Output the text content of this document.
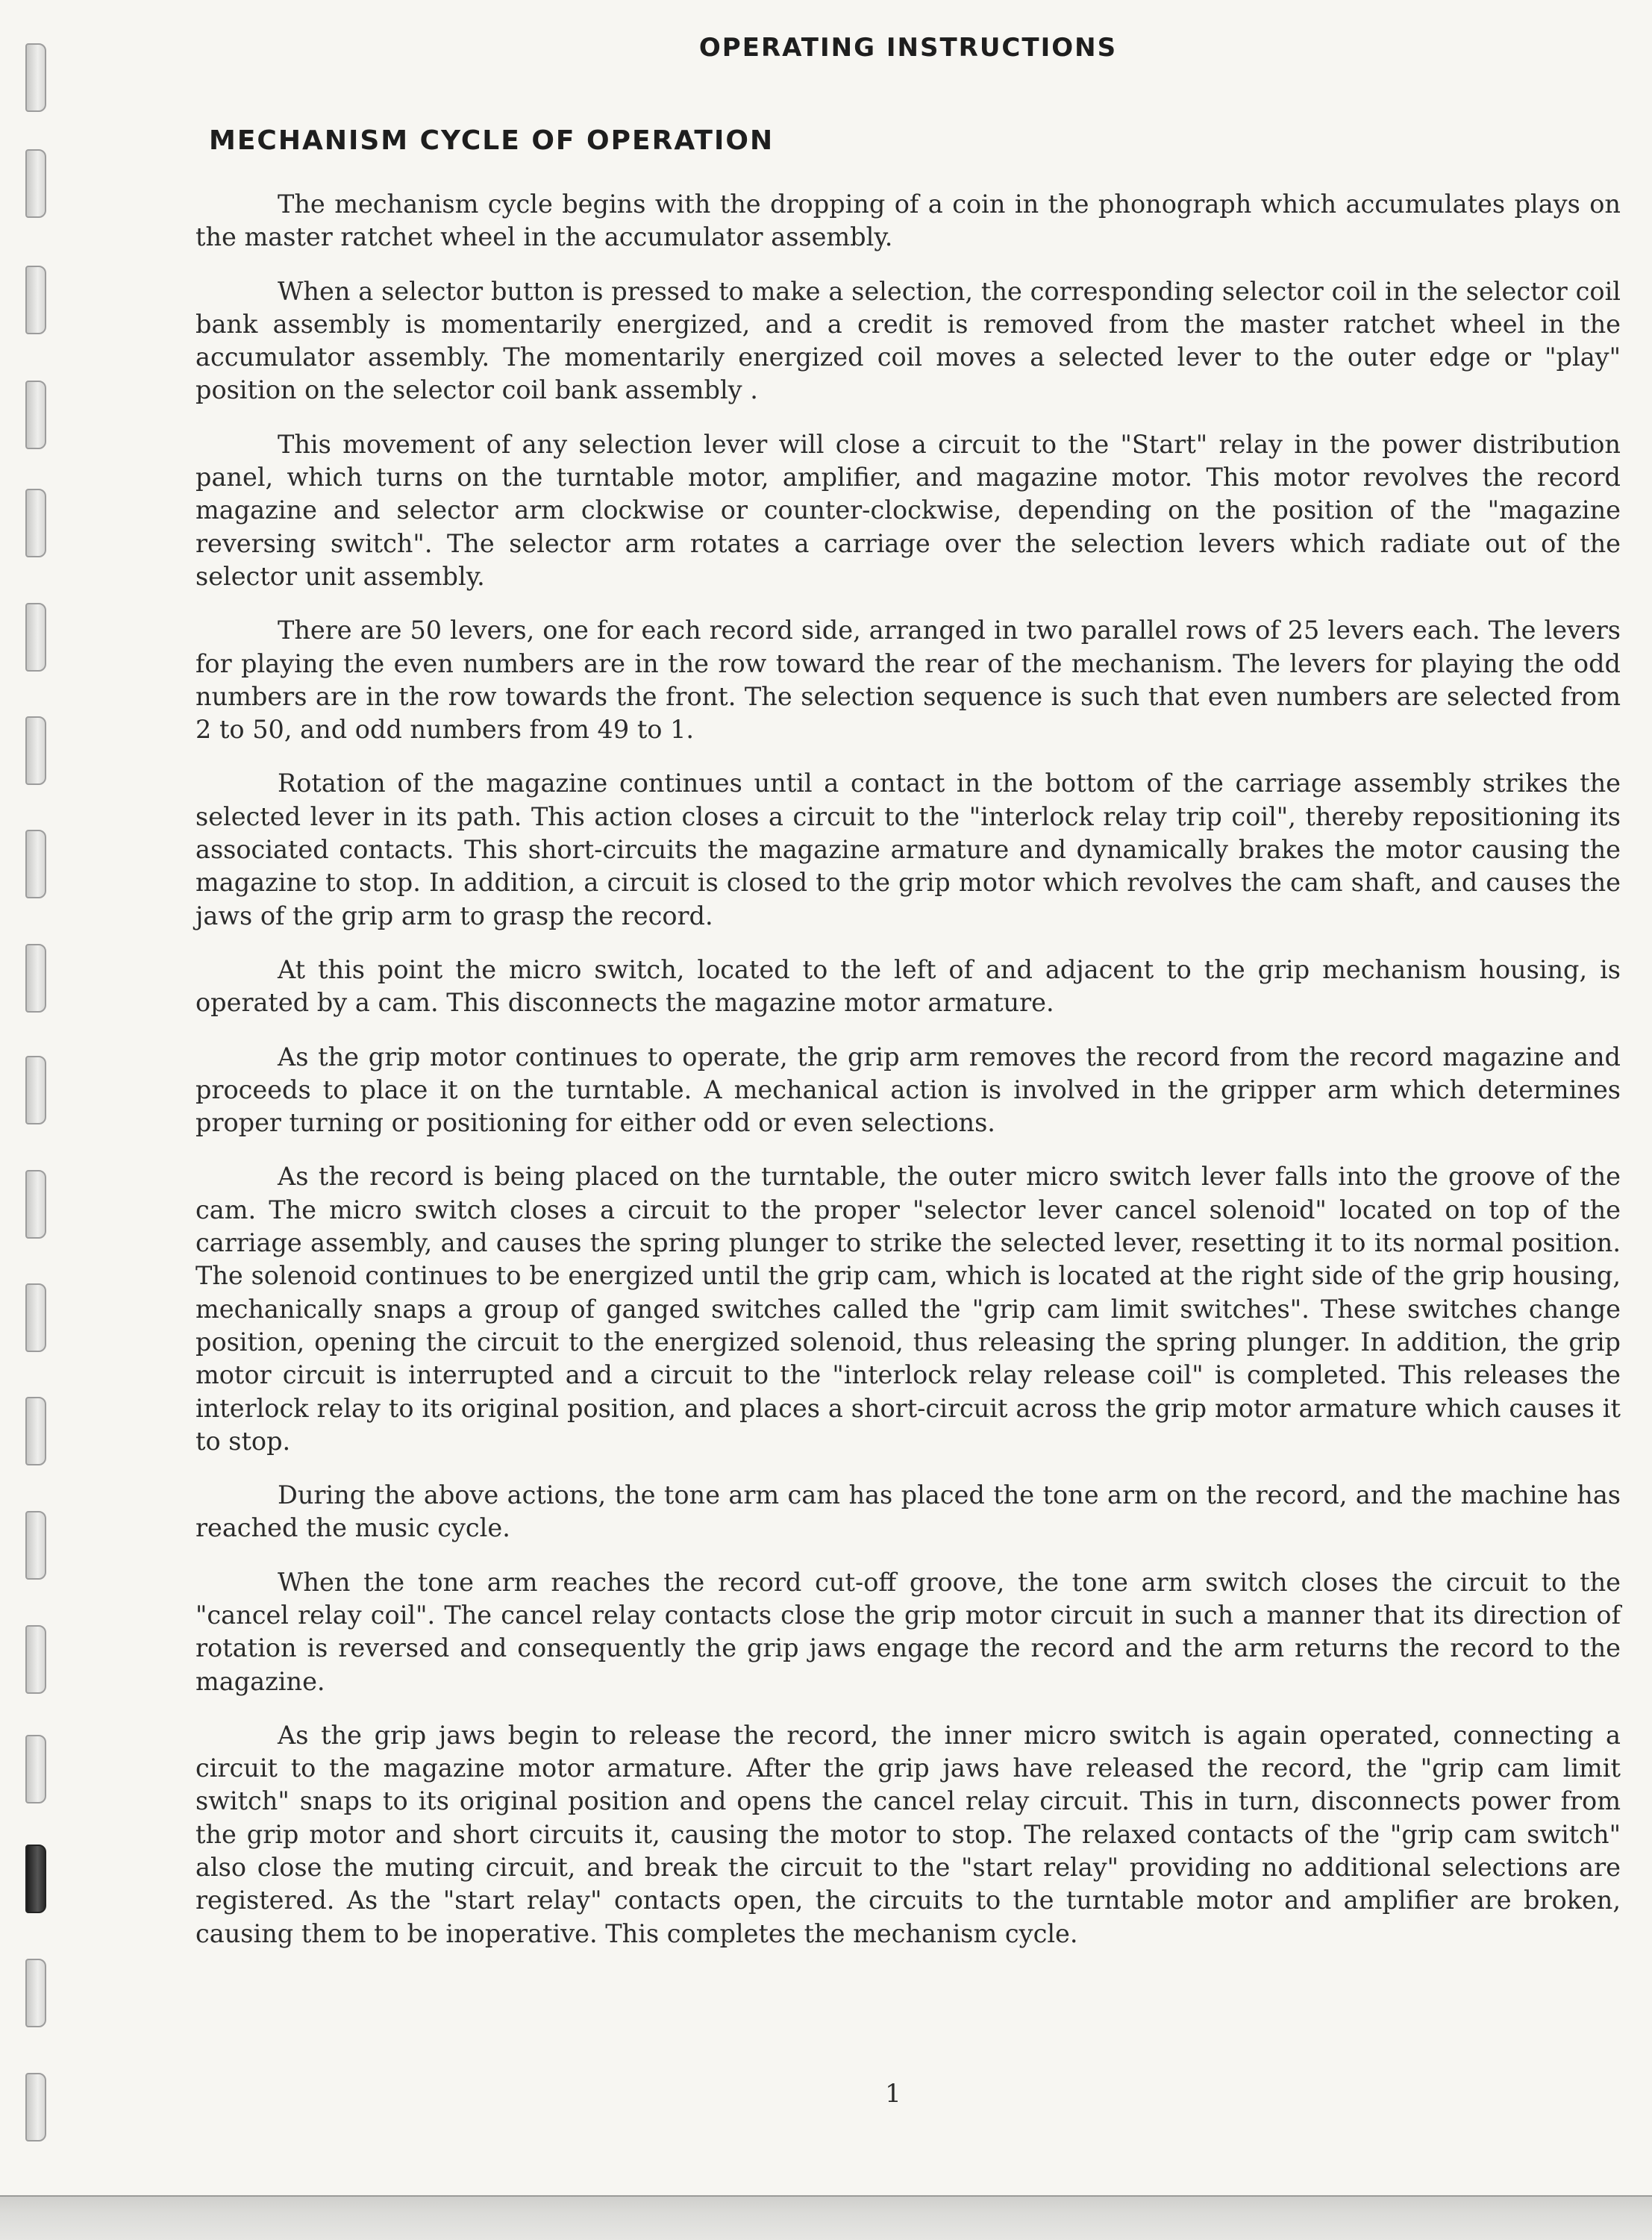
OPERATING INSTRUCTIONS
MECHANISM CYCLE OF OPERATION

The mechanism cycle begins with the dropping of a coin in the phonograph which accumulates plays on the master ratchet wheel in the accumulator assembly.

When a selector button is pressed to make a selection, the corresponding selector coil in the selector coil bank assembly is momentarily energized, and a credit is removed from the master ratchet wheel in the accumulator assembly. The momentarily energized coil moves a selected lever to the outer edge or "play" position on the selector coil bank assembly .

This movement of any selection lever will close a circuit to the "Start" relay in the power distribution panel, which turns on the turntable motor, amplifier, and magazine motor. This motor revolves the record magazine and selector arm clockwise or counter-clockwise, depending on the position of the "magazine reversing switch". The selector arm rotates a carriage over the selection levers which radiate out of the selector unit assembly.

There are 50 levers, one for each record side, arranged in two parallel rows of 25 levers each. The levers for playing the even numbers are in the row toward the rear of the mechanism. The levers for playing the odd numbers are in the row towards the front. The selection sequence is such that even numbers are selected from 2 to 50, and odd numbers from 49 to 1.

Rotation of the magazine continues until a contact in the bottom of the carriage assembly strikes the selected lever in its path. This action closes a circuit to the "interlock relay trip coil", thereby repositioning its associated contacts. This short-circuits the magazine armature and dynamically brakes the motor causing the magazine to stop. In addition, a circuit is closed to the grip motor which revolves the cam shaft, and causes the jaws of the grip arm to grasp the record.

At this point the micro switch, located to the left of and adjacent to the grip mechanism housing, is operated by a cam. This disconnects the magazine motor armature.

As the grip motor continues to operate, the grip arm removes the record from the record magazine and proceeds to place it on the turntable. A mechanical action is involved in the gripper arm which determines proper turning or positioning for either odd or even selections.

As the record is being placed on the turntable, the outer micro switch lever falls into the groove of the cam. The micro switch closes a circuit to the proper "selector lever cancel solenoid" located on top of the carriage assembly, and causes the spring plunger to strike the selected lever, resetting it to its normal position. The solenoid continues to be energized until the grip cam, which is located at the right side of the grip housing, mechanically snaps a group of ganged switches called the "grip cam limit switches". These switches change position, opening the circuit to the energized solenoid, thus releasing the spring plunger. In addition, the grip motor circuit is interrupted and a circuit to the "interlock relay release coil" is completed. This releases the interlock relay to its original position, and places a short-circuit across the grip motor armature which causes it to stop.

During the above actions, the tone arm cam has placed the tone arm on the record, and the machine has reached the music cycle.

When the tone arm reaches the record cut-off groove, the tone arm switch closes the circuit to the "cancel relay coil". The cancel relay contacts close the grip motor circuit in such a manner that its direction of rotation is reversed and consequently the grip jaws engage the record and the arm returns the record to the magazine.

As the grip jaws begin to release the record, the inner micro switch is again operated, connecting a circuit to the magazine motor armature. After the grip jaws have released the record, the "grip cam limit switch" snaps to its original position and opens the cancel relay circuit. This in turn, disconnects power from the grip motor and short circuits it, causing the motor to stop. The relaxed contacts of the "grip cam switch" also close the muting circuit, and break the circuit to the "start relay" providing no additional selections are registered. As the "start relay" contacts open, the circuits to the turntable motor and amplifier are broken, causing them to be inoperative. This completes the mechanism cycle.

1
